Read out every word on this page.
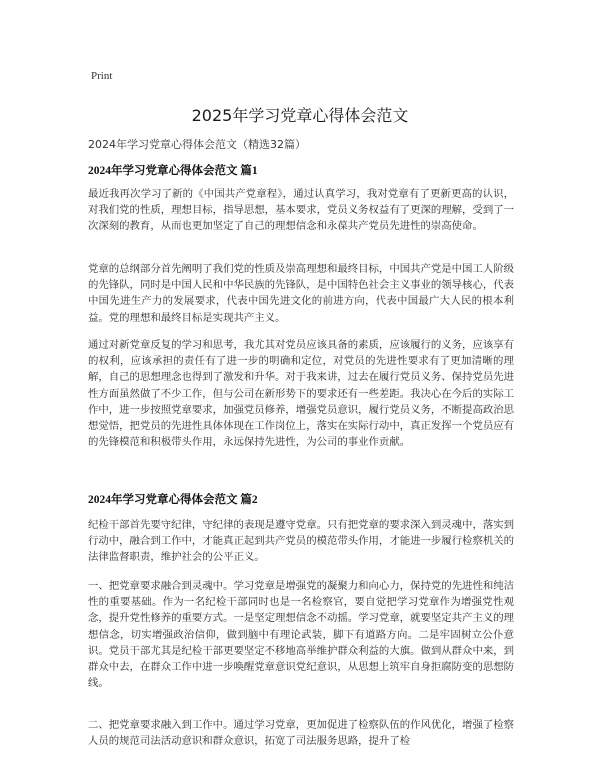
Print
2025年学习党章心得体会范文
2024年学习党章心得体会范文（精选32篇）
2024年学习党章心得体会范文 篇1

最近我再次学习了新的《中国共产党章程》，通过认真学习，我对党章有了更新更高的认识，对我们党的性质，理想目标，指导思想，基本要求，党员义务权益有了更深的理解，受到了一次深刻的教育，从而也更加坚定了自己的理想信念和永葆共产党员先进性的崇高使命。

党章的总纲部分首先阐明了我们党的性质及崇高理想和最终目标，中国共产党是中国工人阶级的先锋队，同时是中国人民和中华民族的先锋队，是中国特色社会主义事业的领导核心，代表中国先进生产力的发展要求，代表中国先进文化的前进方向，代表中国最广大人民的根本利益。党的理想和最终目标是实现共产主义。

通过对新党章反复的学习和思考，我尤其对党员应该具备的素质，应该履行的义务，应该享有的权利，应该承担的责任有了进一步的明确和定位，对党员的先进性要求有了更加清晰的理解，自己的思想理念也得到了激发和升华。对于我来讲，过去在履行党员义务、保持党员先进性方面虽然做了不少工作，但与公司在新形势下的要求还有一些差距。我决心在今后的实际工作中，进一步按照党章要求，加强党员修养，增强党员意识，履行党员义务，不断提高政治思想觉悟，把党员的先进性具体体现在工作岗位上，落实在实际行动中，真正发挥一个党员应有的先锋模范和积极带头作用，永远保持先进性，为公司的事业作贡献。

2024年学习党章心得体会范文 篇2

纪检干部首先要守纪律，守纪律的表现是遵守党章。只有把党章的要求深入到灵魂中，落实到行动中，融合到工作中，才能真正起到共产党员的模范带头作用，才能进一步履行检察机关的法律监督职责，维护社会的公平正义。

一、把党章要求融合到灵魂中。学习党章是增强党的凝聚力和向心力，保持党的先进性和纯洁性的重要基础。作为一名纪检干部同时也是一名检察官，要自觉把学习党章作为增强党性观念，提升党性修养的重要方式。一是坚定理想信念不动摇。学习党章，就要坚定共产主义的理想信念，切实增强政治信仰，做到脑中有理论武装，脚下有道路方向。二是牢固树立公仆意识。党员干部尤其是纪检干部更要坚定不移地高举维护群众利益的大旗。做到从群众中来，到群众中去，在群众工作中进一步唤醒党章意识党纪意识，从思想上筑牢自身拒腐防变的思想防线。

二、把党章要求融入到工作中。通过学习党章，更加促进了检察队伍的作风优化，增强了检察人员的规范司法活动意识和群众意识，拓宽了司法服务思路，提升了检
